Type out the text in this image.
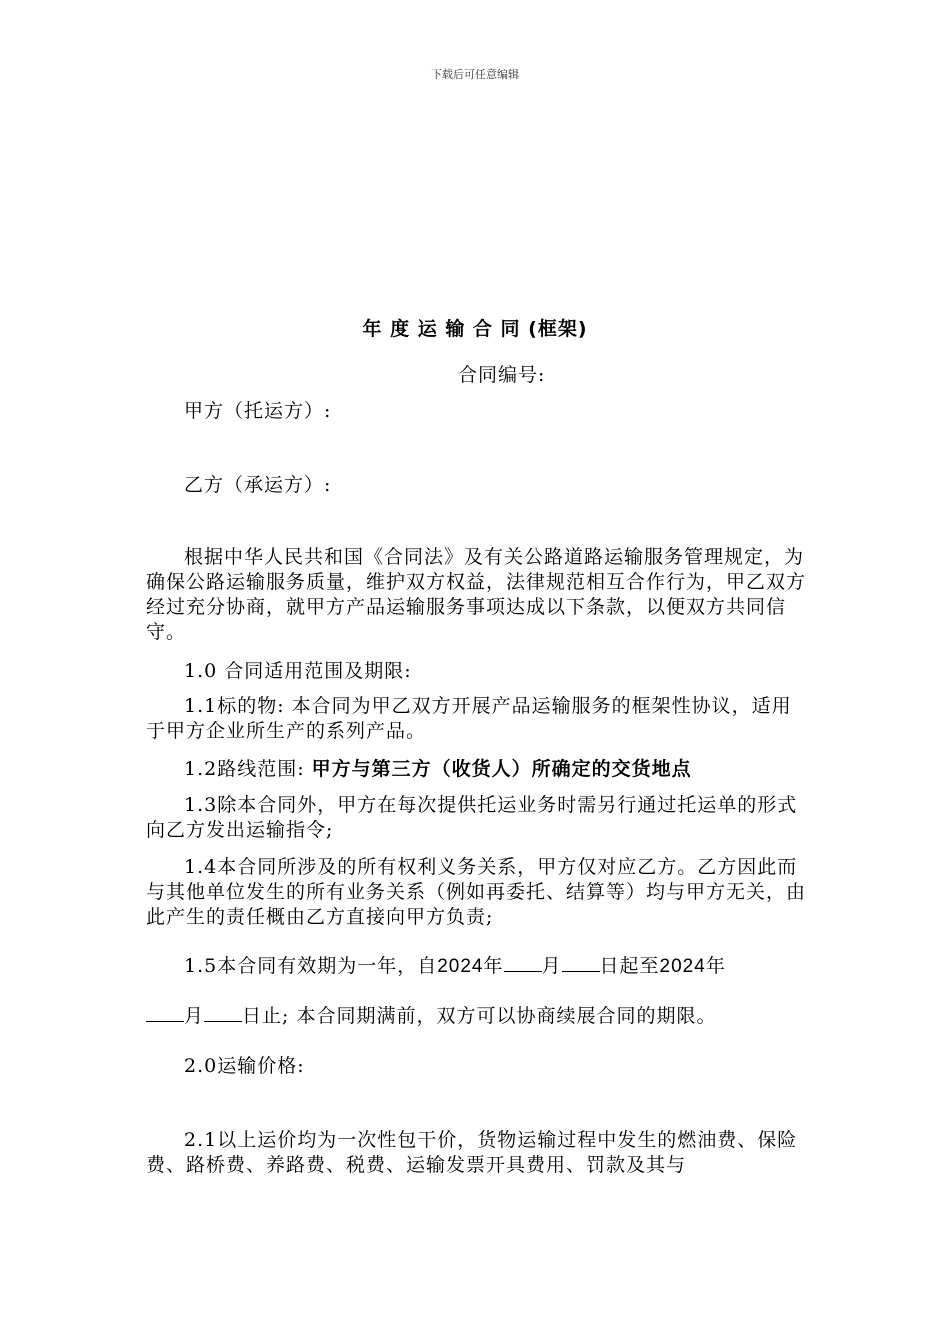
下载后可任意编辑
年 度 运 输 合 同 (框架)
合同编号:
甲方（托运方）:
乙方（承运方）:

根据中华人民共和国《合同法》及有关公路道路运输服务管理规定，为确保公路运输服务质量，维护双方权益，法律规范相互合作行为，甲乙双方经过充分协商，就甲方产品运输服务事项达成以下条款，以便双方共同信守。

1.0 合同适用范围及期限:

1.1标的物: 本合同为甲乙双方开展产品运输服务的框架性协议，适用于甲方企业所生产的系列产品。

1.2路线范围: 甲方与第三方（收货人）所确定的交货地点

1.3除本合同外，甲方在每次提供托运业务时需另行通过托运单的形式向乙方发出运输指令;

1.4本合同所涉及的所有权利义务关系，甲方仅对应乙方。乙方因此而与其他单位发生的所有业务关系（例如再委托、结算等）均与甲方无关，由此产生的责任概由乙方直接向甲方负责;

1.5本合同有效期为一年，自2024年 月 日起至2024年
月 日止; 本合同期满前，双方可以协商续展合同的期限。
2.0运输价格:

2.1以上运价均为一次性包干价，货物运输过程中发生的燃油费、保险费、路桥费、养路费、税费、运输发票开具费用、罚款及其与
